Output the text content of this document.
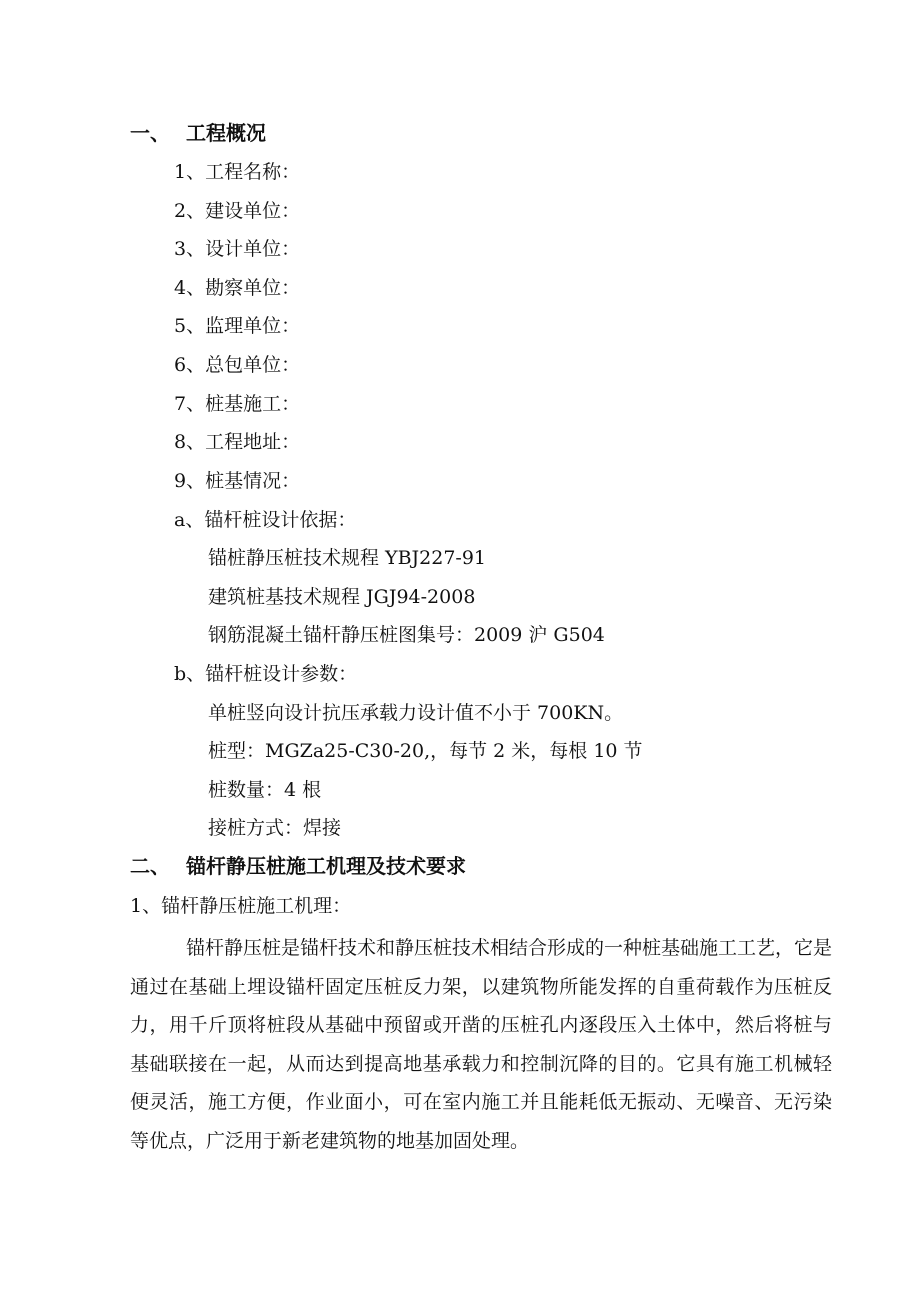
一、 工程概况
1、工程名称：
2、建设单位：
3、设计单位：
4、勘察单位：
5、监理单位：
6、总包单位：
7、桩基施工：
8、工程地址：
9、桩基情况：
a、锚杆桩设计依据：
锚桩静压桩技术规程 YBJ227-91
建筑桩基技术规程 JGJ94-2008
钢筋混凝土锚杆静压桩图集号：2009 沪 G504
b、锚杆桩设计参数：
单桩竖向设计抗压承载力设计值不小于 700KN。
桩型：MGZa25-C30-20,，每节 2 米，每根 10 节
桩数量：4 根
接桩方式：焊接
二、 锚杆静压桩施工机理及技术要求
1、锚杆静压桩施工机理：
锚杆静压桩是锚杆技术和静压桩技术相结合形成的一种桩基础施工工艺，它是通过在基础上埋设锚杆固定压桩反力架，以建筑物所能发挥的自重荷载作为压桩反力，用千斤顶将桩段从基础中预留或开凿的压桩孔内逐段压入土体中，然后将桩与基础联接在一起，从而达到提高地基承载力和控制沉降的目的。它具有施工机械轻便灵活，施工方便，作业面小，可在室内施工并且能耗低无振动、无噪音、无污染等优点，广泛用于新老建筑物的地基加固处理。
